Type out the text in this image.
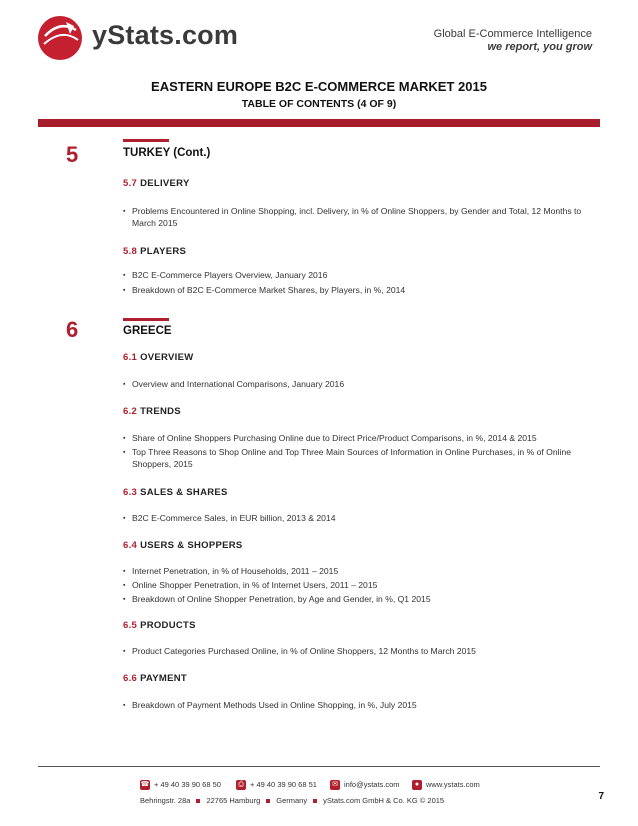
yStats.com	Global E-Commerce Intelligence
we report, you grow
EASTERN EUROPE B2C E-COMMERCE MARKET 2015
TABLE OF CONTENTS (4 OF 9)
5	TURKEY (Cont.)
5.7 DELIVERY
▪ Problems Encountered in Online Shopping, incl. Delivery, in % of Online Shoppers, by Gender and Total, 12 Months to March 2015
5.8 PLAYERS
▪ B2C E-Commerce Players Overview, January 2016
▪ Breakdown of B2C E-Commerce Market Shares, by Players, in %, 2014
6	GREECE
6.1 OVERVIEW
▪ Overview and International Comparisons, January 2016
6.2 TRENDS
▪ Share of Online Shoppers Purchasing Online due to Direct Price/Product Comparisons, in %, 2014 & 2015
▪ Top Three Reasons to Shop Online and Top Three Main Sources of Information in Online Purchases, in % of Online Shoppers, 2015
6.3 SALES & SHARES
▪ B2C E-Commerce Sales, in EUR billion, 2013 & 2014
6.4 USERS & SHOPPERS
▪ Internet Penetration, in % of Households, 2011 – 2015
▪ Online Shopper Penetration, in % of Internet Users, 2011 – 2015
▪ Breakdown of Online Shopper Penetration, by Age and Gender, in %, Q1 2015
6.5 PRODUCTS
▪ Product Categories Purchased Online, in % of Online Shoppers, 12 Months to March 2015
6.6 PAYMENT
▪ Breakdown of Payment Methods Used in Online Shopping, in %, July 2015
☎ + 49 40 39 90 68 50	⎙ + 49 40 39 90 68 51 ✉ info@ystats.com	● www.ystats.com
Behringstr. 28a 22765 Hamburg Germany yStats.com GmbH & Co. KG © 2015	7
